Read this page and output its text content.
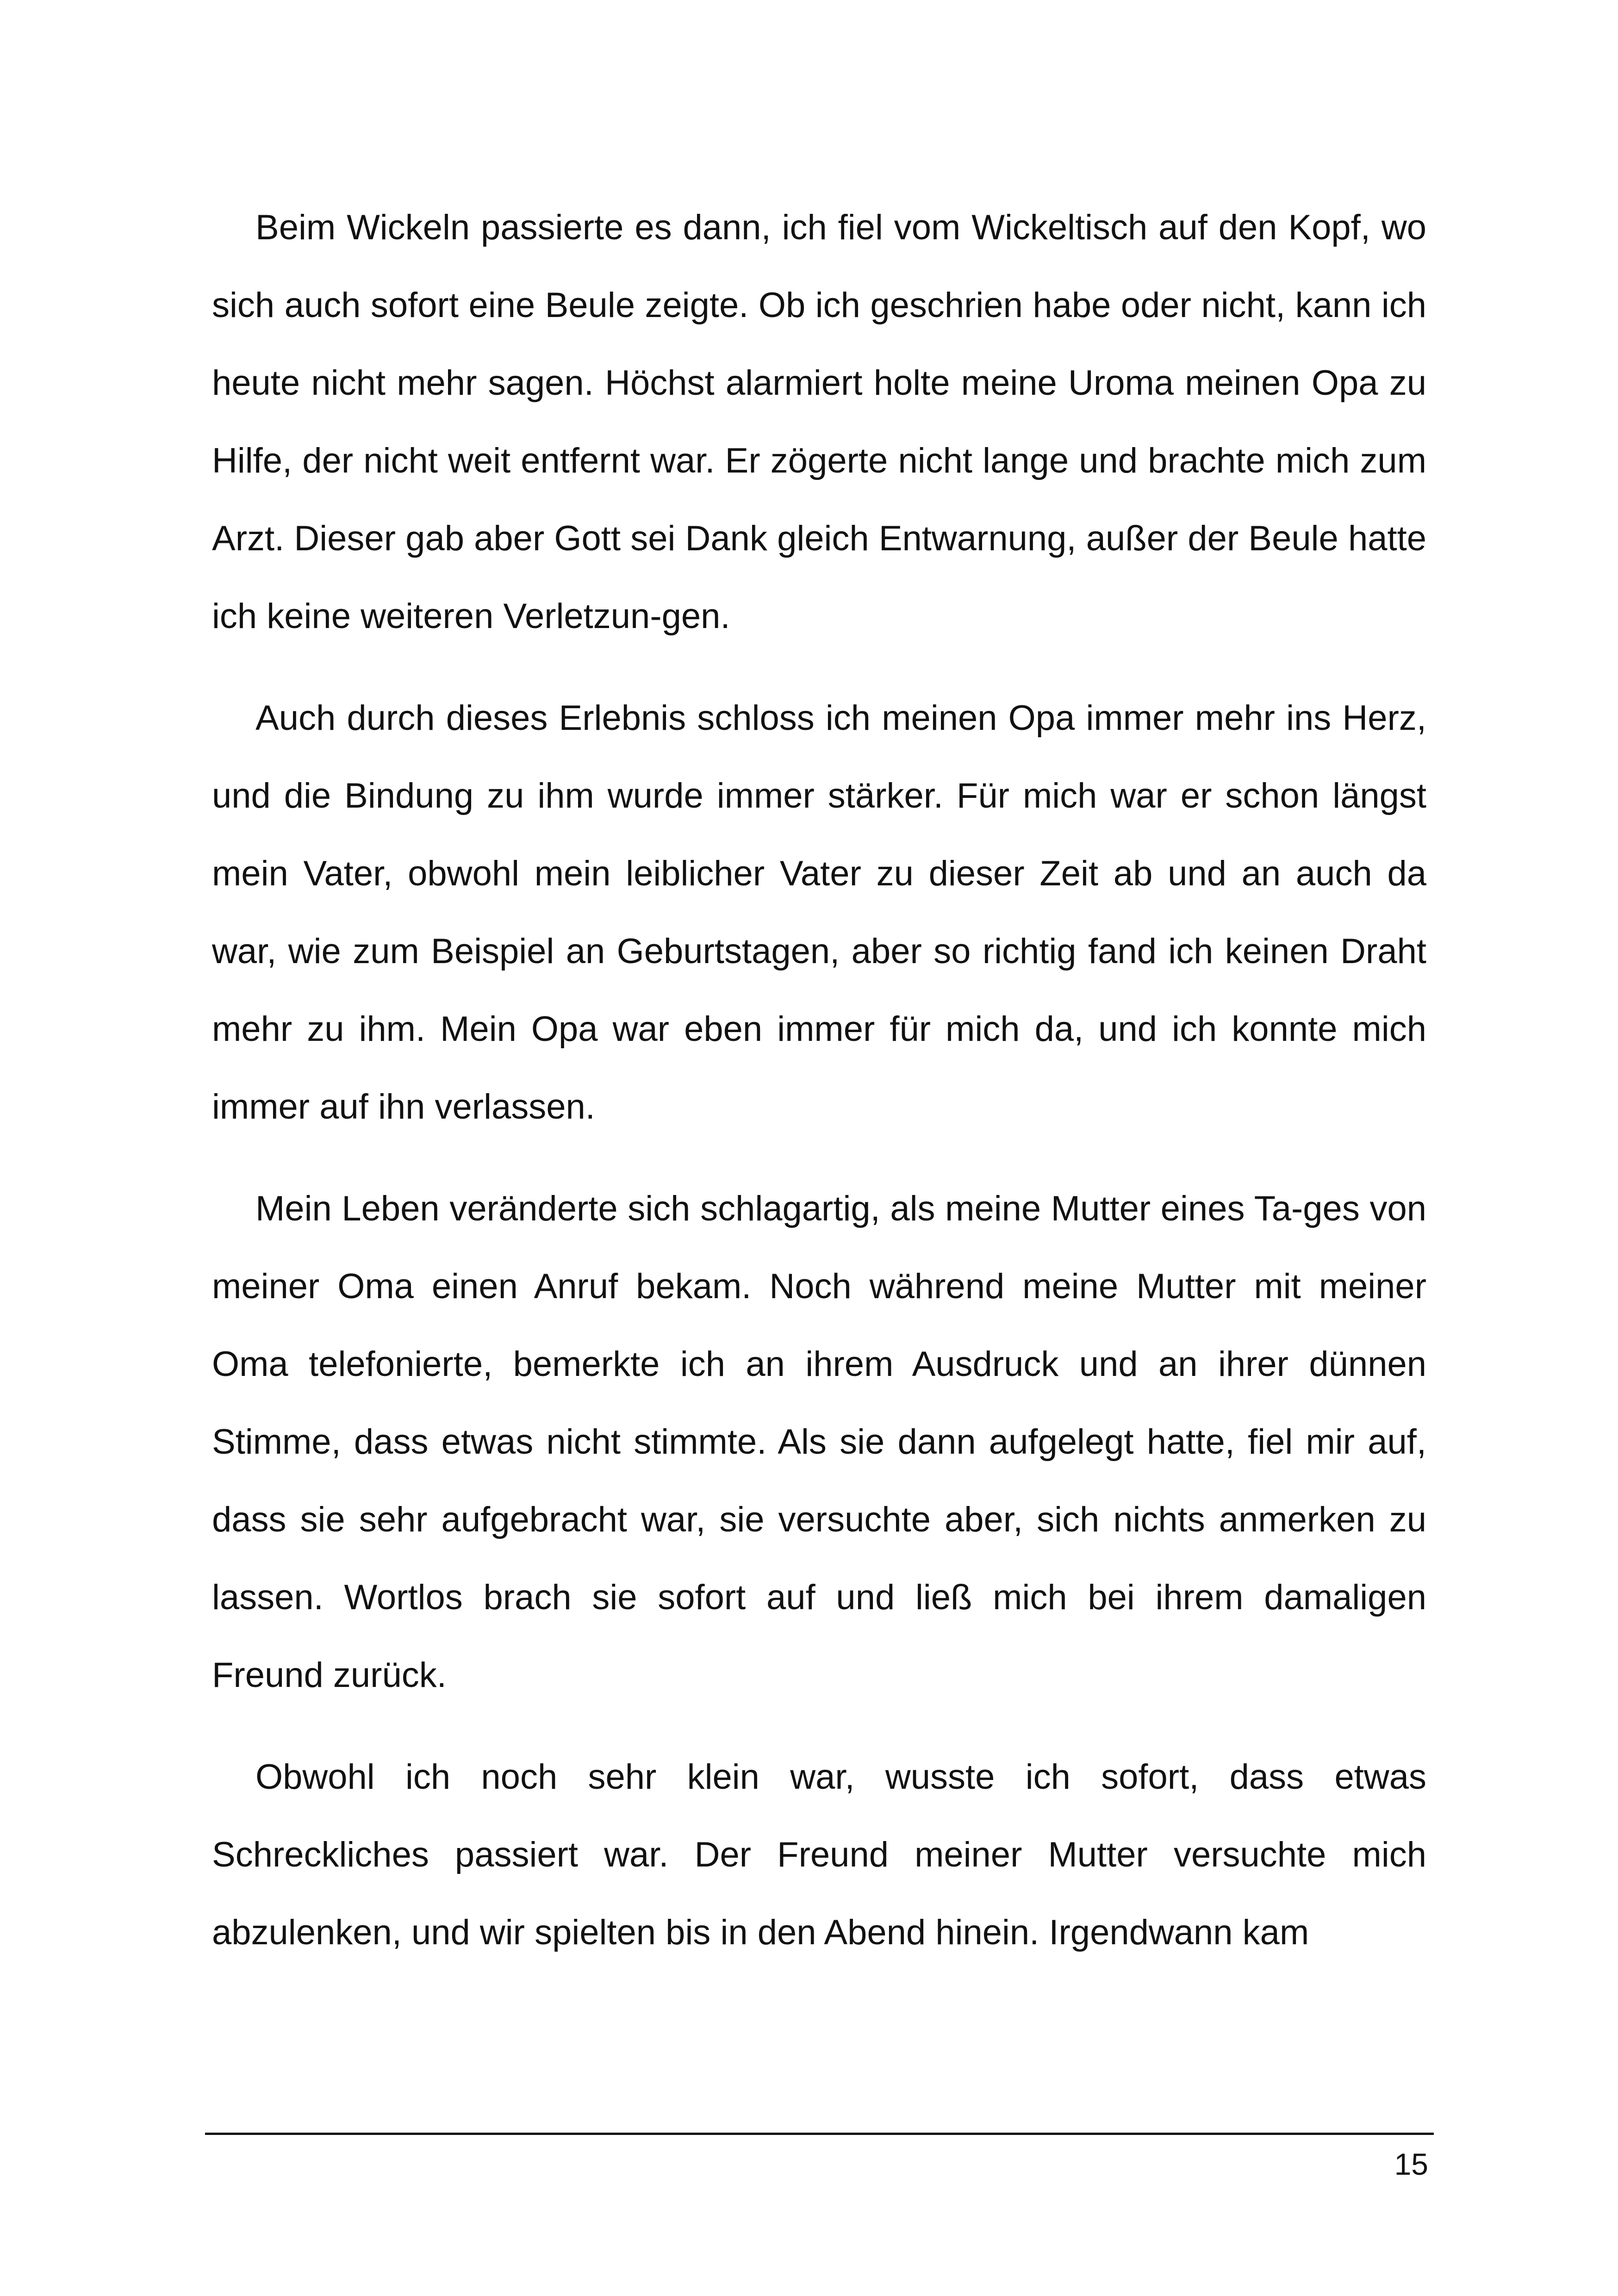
Beim Wickeln passierte es dann, ich fiel vom Wickeltisch auf den Kopf, wo sich auch sofort eine Beule zeigte. Ob ich geschrien habe oder nicht, kann ich heute nicht mehr sagen. Höchst alarmiert holte meine Uroma meinen Opa zu Hilfe, der nicht weit entfernt war. Er zögerte nicht lange und brachte mich zum Arzt. Dieser gab aber Gott sei Dank gleich Entwarnung, außer der Beule hatte ich keine weiteren Verletzun-gen.

Auch durch dieses Erlebnis schloss ich meinen Opa immer mehr ins Herz, und die Bindung zu ihm wurde immer stärker. Für mich war er schon längst mein Vater, obwohl mein leiblicher Vater zu dieser Zeit ab und an auch da war, wie zum Beispiel an Geburtstagen, aber so richtig fand ich keinen Draht mehr zu ihm. Mein Opa war eben immer für mich da, und ich konnte mich immer auf ihn verlassen.

Mein Leben veränderte sich schlagartig, als meine Mutter eines Ta-ges von meiner Oma einen Anruf bekam. Noch während meine Mutter mit meiner Oma telefonierte, bemerkte ich an ihrem Ausdruck und an ihrer dünnen Stimme, dass etwas nicht stimmte. Als sie dann aufgelegt hatte, fiel mir auf, dass sie sehr aufgebracht war, sie versuchte aber, sich nichts anmerken zu lassen. Wortlos brach sie sofort auf und ließ mich bei ihrem damaligen Freund zurück.

Obwohl ich noch sehr klein war, wusste ich sofort, dass etwas Schreckliches passiert war. Der Freund meiner Mutter versuchte mich abzulenken, und wir spielten bis in den Abend hinein. Irgendwann kam

15
